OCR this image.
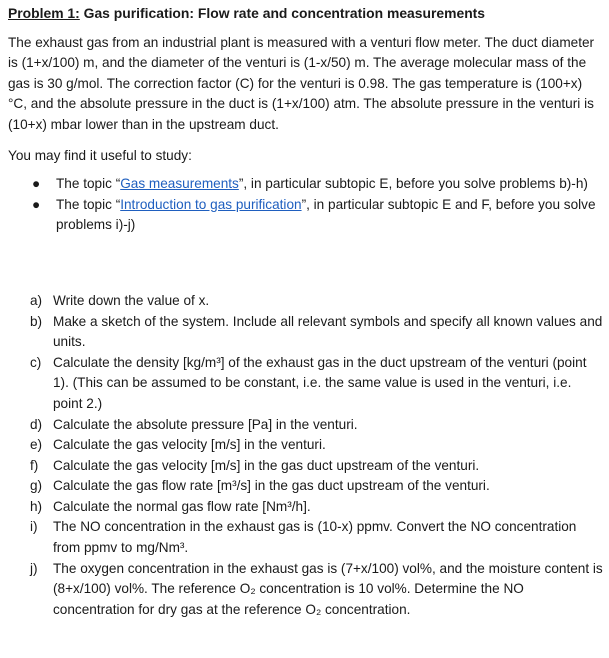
Problem 1: Gas purification: Flow rate and concentration measurements

The exhaust gas from an industrial plant is measured with a venturi flow meter. The duct diameter is (1+x/100) m, and the diameter of the venturi is (1-x/50) m. The average molecular mass of the gas is 30 g/mol. The correction factor (C) for the venturi is 0.98. The gas temperature is (100+x) °C, and the absolute pressure in the duct is (1+x/100) atm. The absolute pressure in the venturi is (10+x) mbar lower than in the upstream duct.

You may find it useful to study:

● The topic “Gas measurements”, in particular subtopic E, before you solve problems b)-h)
● The topic “Introduction to gas purification”, in particular subtopic E and F, before you solve problems i)-j)
a) Write down the value of x.
b) Make a sketch of the system. Include all relevant symbols and specify all known values and units.
c) Calculate the density [kg/m³] of the exhaust gas in the duct upstream of the venturi (point 1). (This can be assumed to be constant, i.e. the same value is used in the venturi, i.e. point 2.)
d) Calculate the absolute pressure [Pa] in the venturi.
e) Calculate the gas velocity [m/s] in the venturi.
f) Calculate the gas velocity [m/s] in the gas duct upstream of the venturi.
g) Calculate the gas flow rate [m³/s] in the gas duct upstream of the venturi.
h) Calculate the normal gas flow rate [Nm³/h].
i) The NO concentration in the exhaust gas is (10-x) ppmv. Convert the NO concentration from ppmv to mg/Nm³.
j) The oxygen concentration in the exhaust gas is (7+x/100) vol%, and the moisture content is (8+x/100) vol%. The reference O₂ concentration is 10 vol%. Determine the NO concentration for dry gas at the reference O₂ concentration.
